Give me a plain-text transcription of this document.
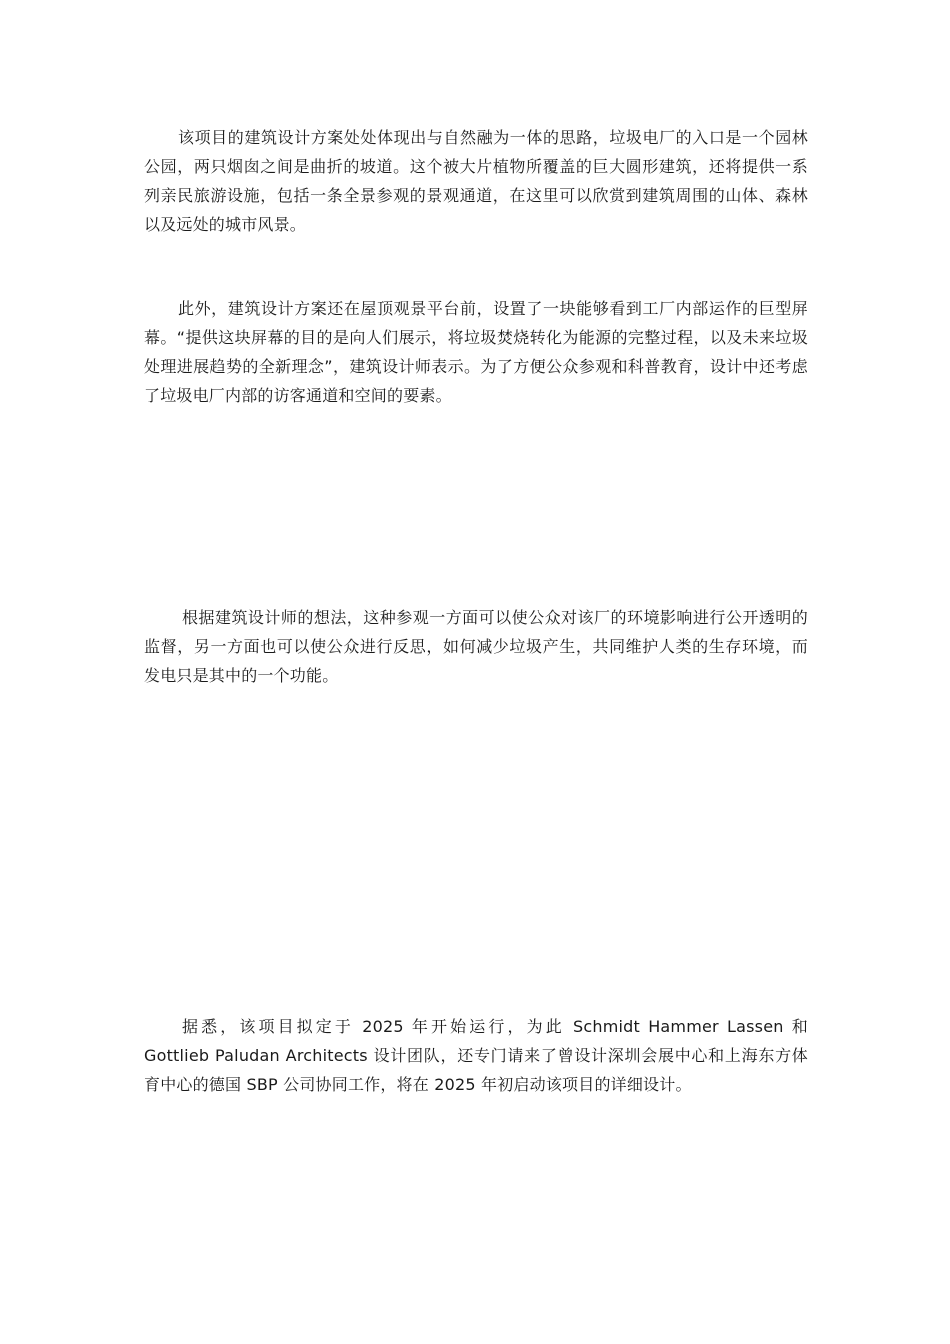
该项目的建筑设计方案处处体现出与自然融为一体的思路，垃圾电厂的入口是一个园林公园，两只烟囱之间是曲折的坡道。这个被大片植物所覆盖的巨大圆形建筑，还将提供一系列亲民旅游设施，包括一条全景参观的景观通道，在这里可以欣赏到建筑周围的山体、森林以及远处的城市风景。

此外，建筑设计方案还在屋顶观景平台前，设置了一块能够看到工厂内部运作的巨型屏幕。“提供这块屏幕的目的是向人们展示，将垃圾焚烧转化为能源的完整过程，以及未来垃圾处理进展趋势的全新理念”，建筑设计师表示。为了方便公众参观和科普教育，设计中还考虑了垃圾电厂内部的访客通道和空间的要素。

根据建筑设计师的想法，这种参观一方面可以使公众对该厂的环境影响进行公开透明的监督，另一方面也可以使公众进行反思，如何减少垃圾产生，共同维护人类的生存环境，而发电只是其中的一个功能。

据悉，该项目拟定于 2025 年开始运行，为此 Schmidt Hammer Lassen 和 Gottlieb Paludan Architects 设计团队，还专门请来了曾设计深圳会展中心和上海东方体育中心的德国 SBP 公司协同工作，将在 2025 年初启动该项目的详细设计。
